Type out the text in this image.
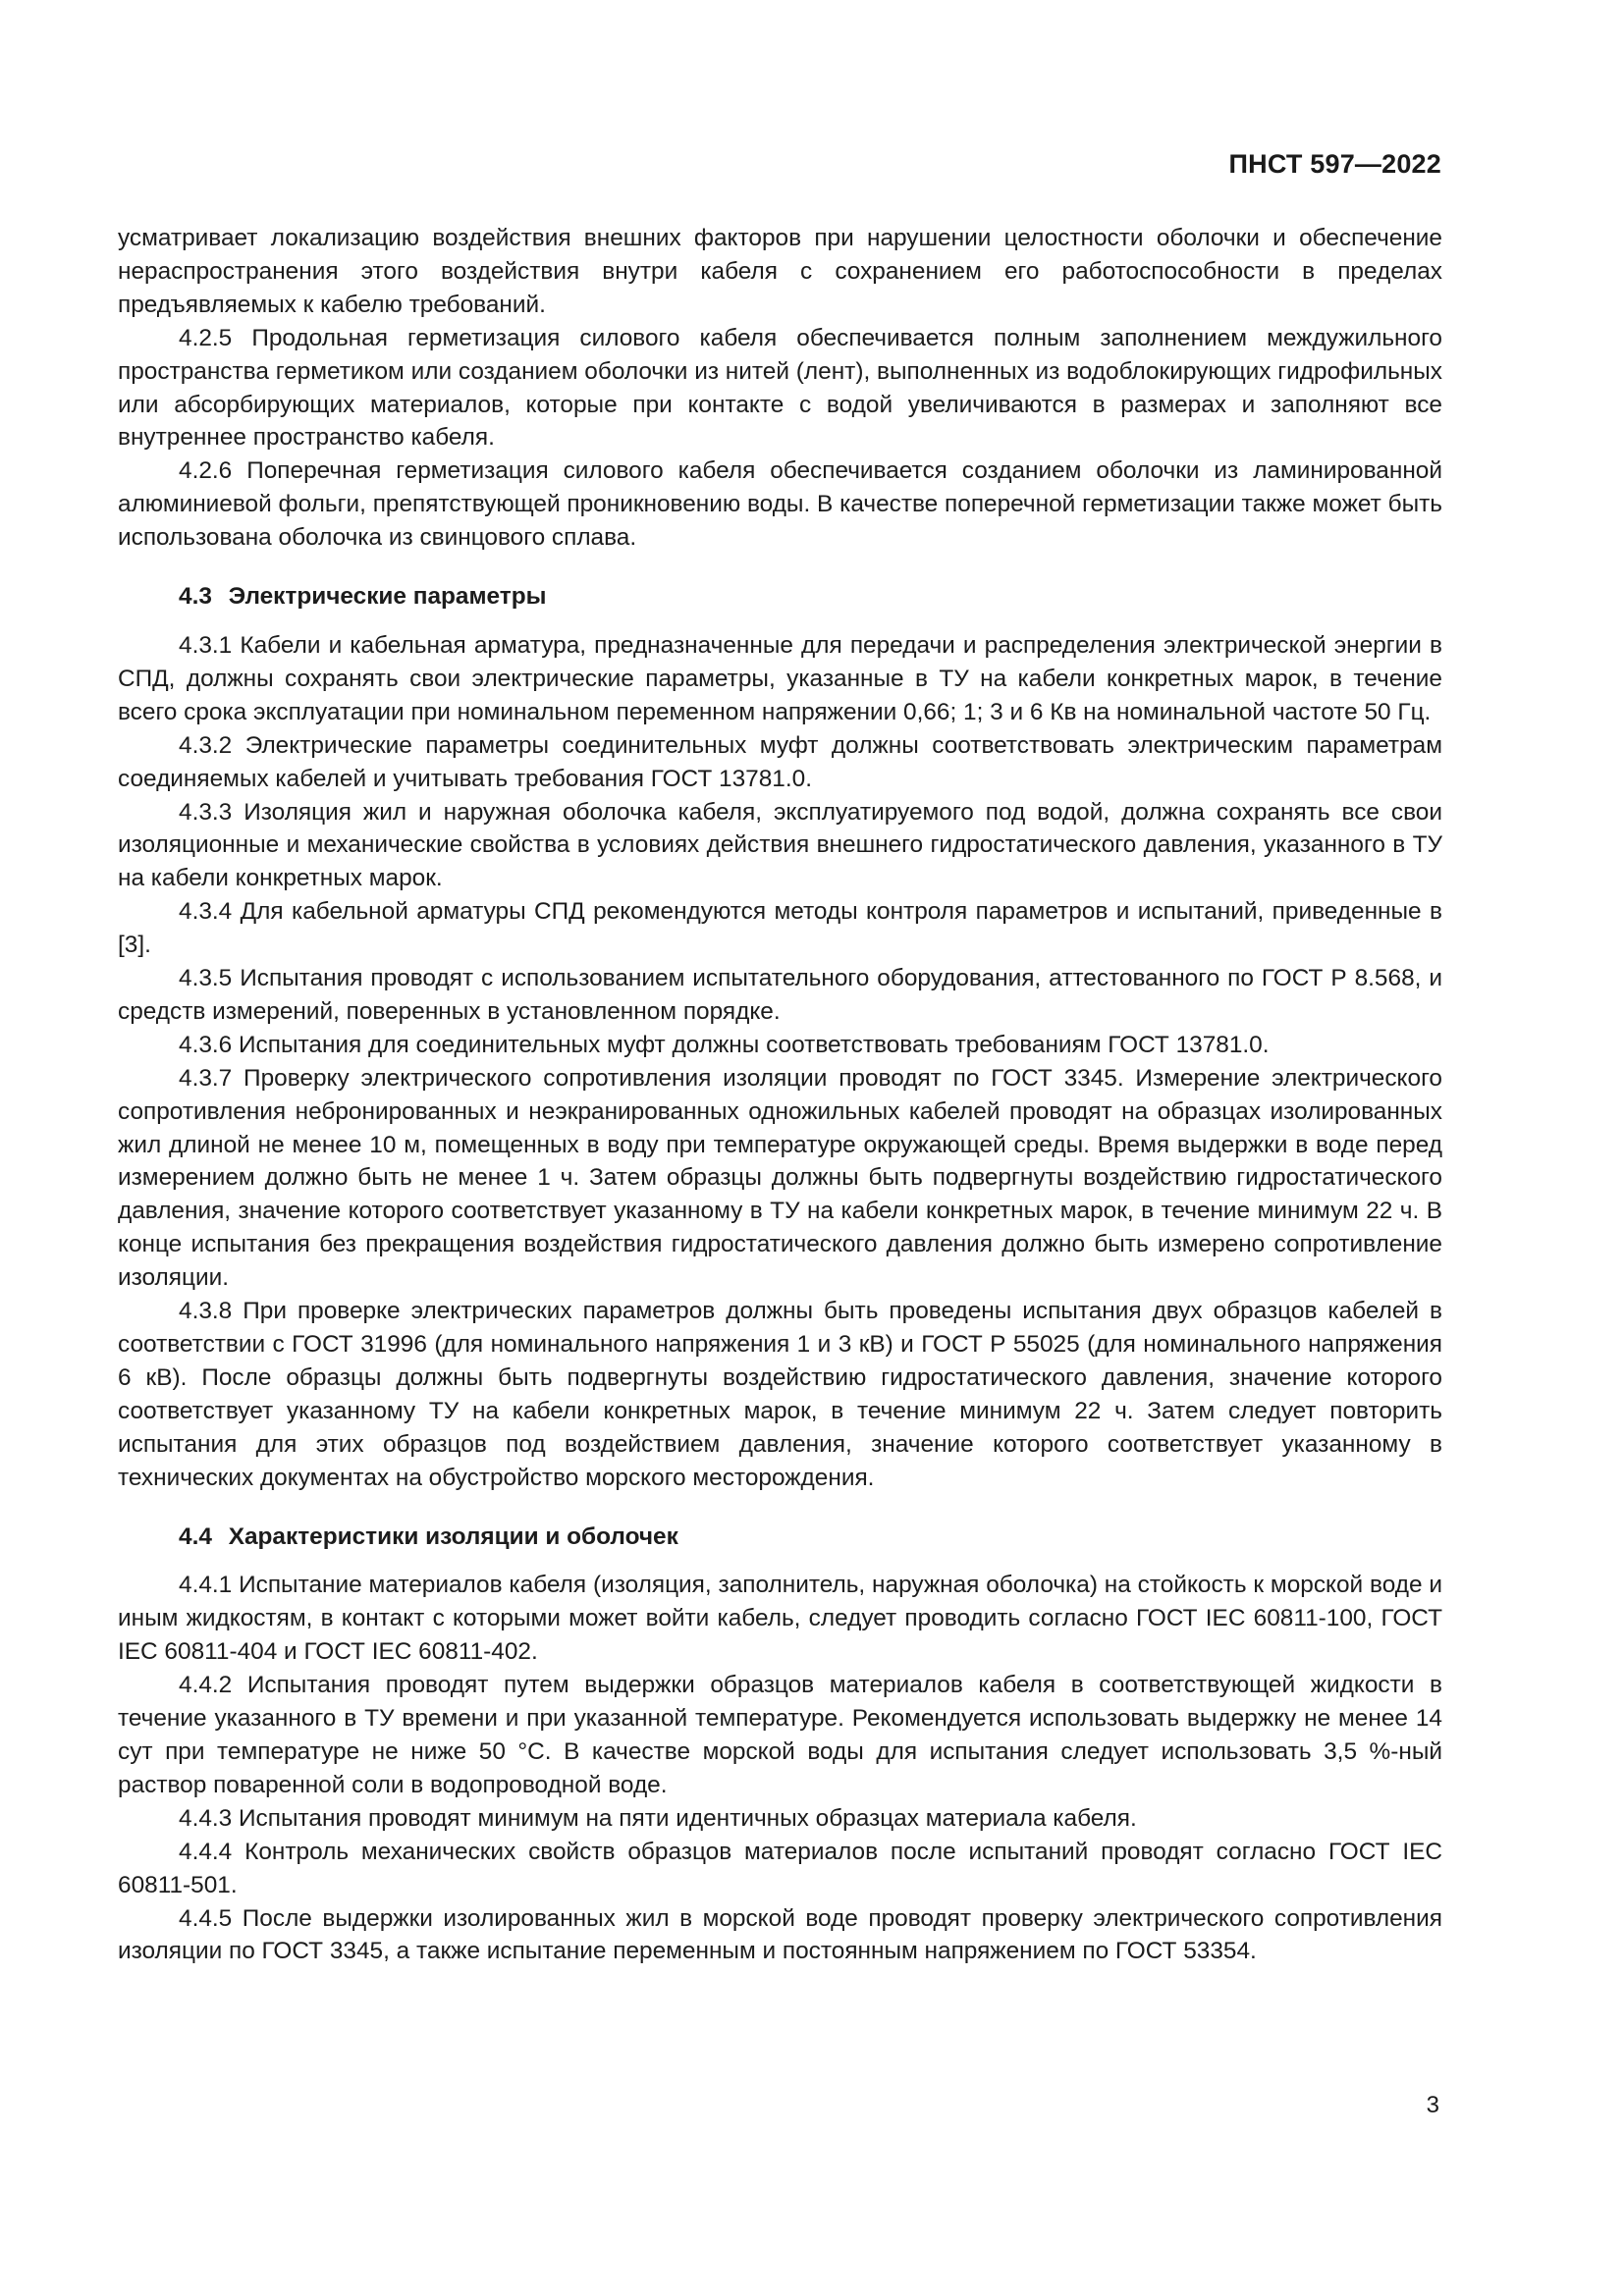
ПНСТ 597—2022

усматривает локализацию воздействия внешних факторов при нарушении целостности оболочки и обеспечение нераспространения этого воздействия внутри кабеля с сохранением его работоспособности в пределах предъявляемых к кабелю требований.

4.2.5 Продольная герметизация силового кабеля обеспечивается полным заполнением междужильного пространства герметиком или созданием оболочки из нитей (лент), выполненных из водоблокирующих гидрофильных или абсорбирующих материалов, которые при контакте с водой увеличиваются в размерах и заполняют все внутреннее пространство кабеля.

4.2.6 Поперечная герметизация силового кабеля обеспечивается созданием оболочки из ламинированной алюминиевой фольги, препятствующей проникновению воды. В качестве поперечной герметизации также может быть использована оболочка из свинцового сплава.

4.3 Электрические параметры

4.3.1 Кабели и кабельная арматура, предназначенные для передачи и распределения электрической энергии в СПД, должны сохранять свои электрические параметры, указанные в ТУ на кабели конкретных марок, в течение всего срока эксплуатации при номинальном переменном напряжении 0,66; 1; 3 и 6 Кв на номинальной частоте 50 Гц.

4.3.2 Электрические параметры соединительных муфт должны соответствовать электрическим параметрам соединяемых кабелей и учитывать требования ГОСТ 13781.0.

4.3.3 Изоляция жил и наружная оболочка кабеля, эксплуатируемого под водой, должна сохранять все свои изоляционные и механические свойства в условиях действия внешнего гидростатического давления, указанного в ТУ на кабели конкретных марок.

4.3.4 Для кабельной арматуры СПД рекомендуются методы контроля параметров и испытаний, приведенные в [3].

4.3.5 Испытания проводят с использованием испытательного оборудования, аттестованного по ГОСТ Р 8.568, и средств измерений, поверенных в установленном порядке.

4.3.6 Испытания для соединительных муфт должны соответствовать требованиям ГОСТ 13781.0.

4.3.7 Проверку электрического сопротивления изоляции проводят по ГОСТ 3345. Измерение электрического сопротивления небронированных и неэкранированных одножильных кабелей проводят на образцах изолированных жил длиной не менее 10 м, помещенных в воду при температуре окружающей среды. Время выдержки в воде перед измерением должно быть не менее 1 ч. Затем образцы должны быть подвергнуты воздействию гидростатического давления, значение которого соответствует указанному в ТУ на кабели конкретных марок, в течение минимум 22 ч. В конце испытания без прекращения воздействия гидростатического давления должно быть измерено сопротивление изоляции.

4.3.8 При проверке электрических параметров должны быть проведены испытания двух образцов кабелей в соответствии с ГОСТ 31996 (для номинального напряжения 1 и 3 кВ) и ГОСТ Р 55025 (для номинального напряжения 6 кВ). После образцы должны быть подвергнуты воздействию гидростатического давления, значение которого соответствует указанному ТУ на кабели конкретных марок, в течение минимум 22 ч. Затем следует повторить испытания для этих образцов под воздействием давления, значение которого соответствует указанному в технических документах на обустройство морского месторождения.

4.4 Характеристики изоляции и оболочек

4.4.1 Испытание материалов кабеля (изоляция, заполнитель, наружная оболочка) на стойкость к морской воде и иным жидкостям, в контакт с которыми может войти кабель, следует проводить согласно ГОСТ IEC 60811-100, ГОСТ IEC 60811-404 и ГОСТ IEC 60811-402.

4.4.2 Испытания проводят путем выдержки образцов материалов кабеля в соответствующей жидкости в течение указанного в ТУ времени и при указанной температуре. Рекомендуется использовать выдержку не менее 14 сут при температуре не ниже 50 °С. В качестве морской воды для испытания следует использовать 3,5 %-ный раствор поваренной соли в водопроводной воде.

4.4.3 Испытания проводят минимум на пяти идентичных образцах материала кабеля.

4.4.4 Контроль механических свойств образцов материалов после испытаний проводят согласно ГОСТ IEC 60811-501.

4.4.5 После выдержки изолированных жил в морской воде проводят проверку электрического сопротивления изоляции по ГОСТ 3345, а также испытание переменным и постоянным напряжением по ГОСТ 53354.

3
